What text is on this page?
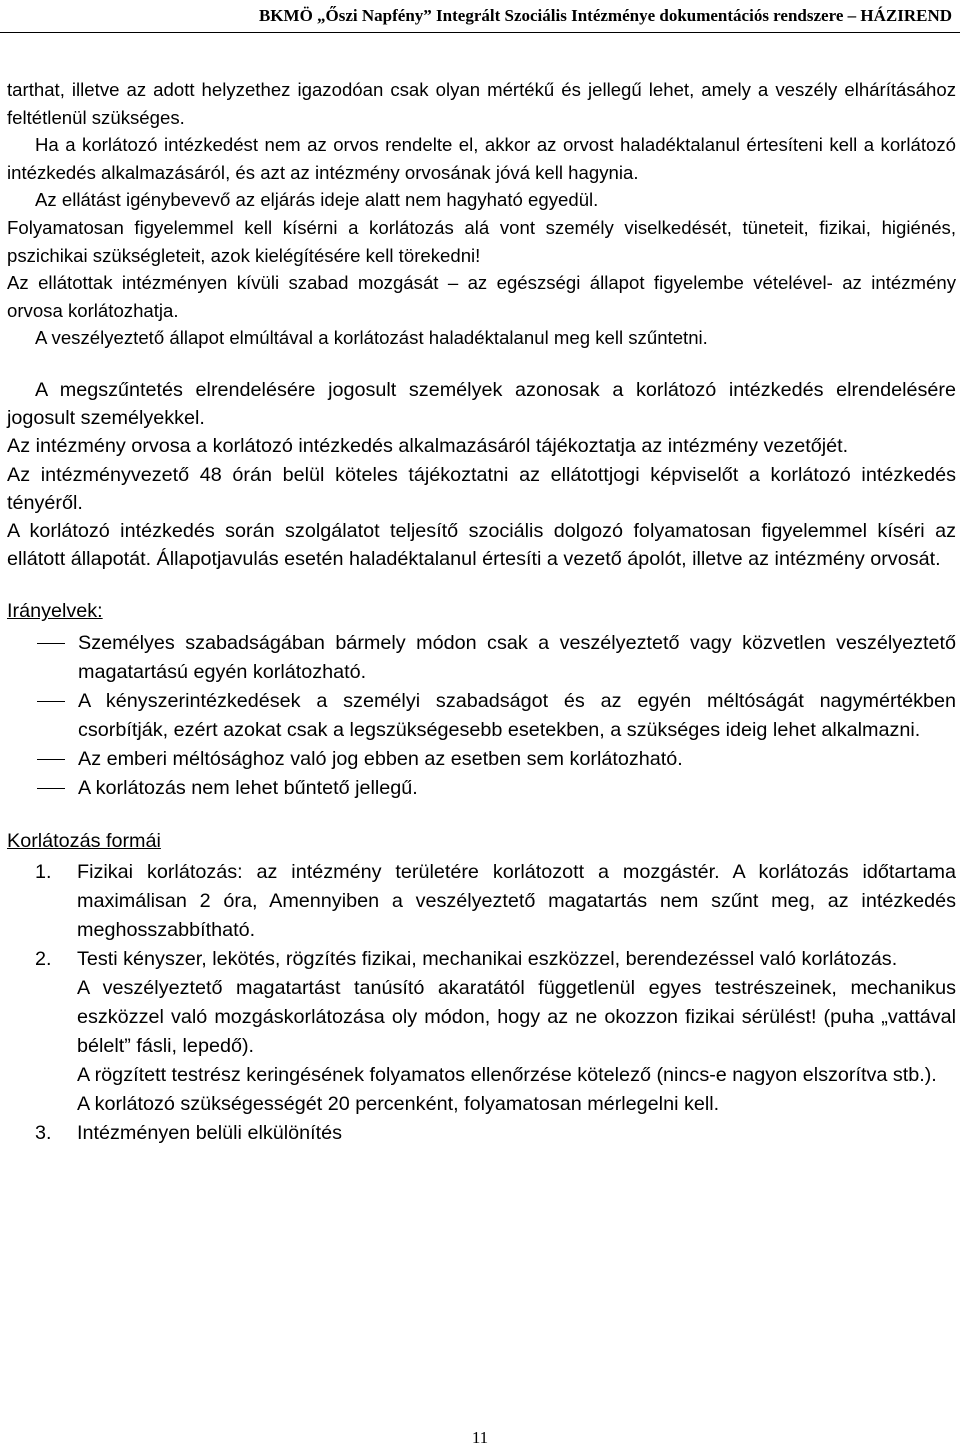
BKMÖ „Őszi Napfény” Integrált Szociális Intézménye dokumentációs rendszere – HÁZIREND

tarthat, illetve az adott helyzethez igazodóan csak olyan mértékű és jellegű lehet, amely a veszély elhárításához feltétlenül szükséges.

Ha a korlátozó intézkedést nem az orvos rendelte el, akkor az orvost haladéktalanul értesíteni kell a korlátozó intézkedés alkalmazásáról, és azt az intézmény orvosának jóvá kell hagynia.

Az ellátást igénybevevő az eljárás ideje alatt nem hagyható egyedül.

Folyamatosan figyelemmel kell kísérni a korlátozás alá vont személy viselkedését, tüneteit, fizikai, higiénés, pszichikai szükségleteit, azok kielégítésére kell törekedni!

Az ellátottak intézményen kívüli szabad mozgását – az egészségi állapot figyelembe vételével- az intézmény orvosa korlátozhatja.

A veszélyeztető állapot elmúltával a korlátozást haladéktalanul meg kell szűntetni.

A megszűntetés elrendelésére jogosult személyek azonosak a korlátozó intézkedés elrendelésére jogosult személyekkel.

Az intézmény orvosa a korlátozó intézkedés alkalmazásáról tájékoztatja az intézmény vezetőjét.

Az intézményvezető 48 órán belül köteles tájékoztatni az ellátottjogi képviselőt a korlátozó intézkedés tényéről.

A korlátozó intézkedés során szolgálatot teljesítő szociális dolgozó folyamatosan figyelemmel kíséri az ellátott állapotát. Állapotjavulás esetén haladéktalanul értesíti a vezető ápolót, illetve az intézmény orvosát.

Irányelvek:
Személyes szabadságában bármely módon csak a veszélyeztető vagy közvetlen veszélyeztető magatartású egyén korlátozható.
A kényszerintézkedések a személyi szabadságot és az egyén méltóságát nagymértékben csorbítják, ezért azokat csak a legszükségesebb esetekben, a szükséges ideig lehet alkalmazni.
Az emberi méltósághoz való jog ebben az esetben sem korlátozható.
A korlátozás nem lehet bűntető jellegű.
Korlátozás formái
1. Fizikai korlátozás: az intézmény területére korlátozott a mozgástér. A korlátozás időtartama maximálisan 2 óra, Amennyiben a veszélyeztető magatartás nem szűnt meg, az intézkedés meghosszabbítható.

2. Testi kényszer, lekötés, rögzítés fizikai, mechanikai eszközzel, berendezéssel való korlátozás.

A veszélyeztető magatartást tanúsító akaratától függetlenül egyes testrészeinek, mechanikus eszközzel való mozgáskorlátozása oly módon, hogy az ne okozzon fizikai sérülést! (puha „vattával bélelt” fásli, lepedő).

A rögzített testrész keringésének folyamatos ellenőrzése kötelező (nincs-e nagyon elszorítva stb.).

A korlátozó szükségességét 20 percenként, folyamatosan mérlegelni kell.

3. Intézményen belüli elkülönítés

11
